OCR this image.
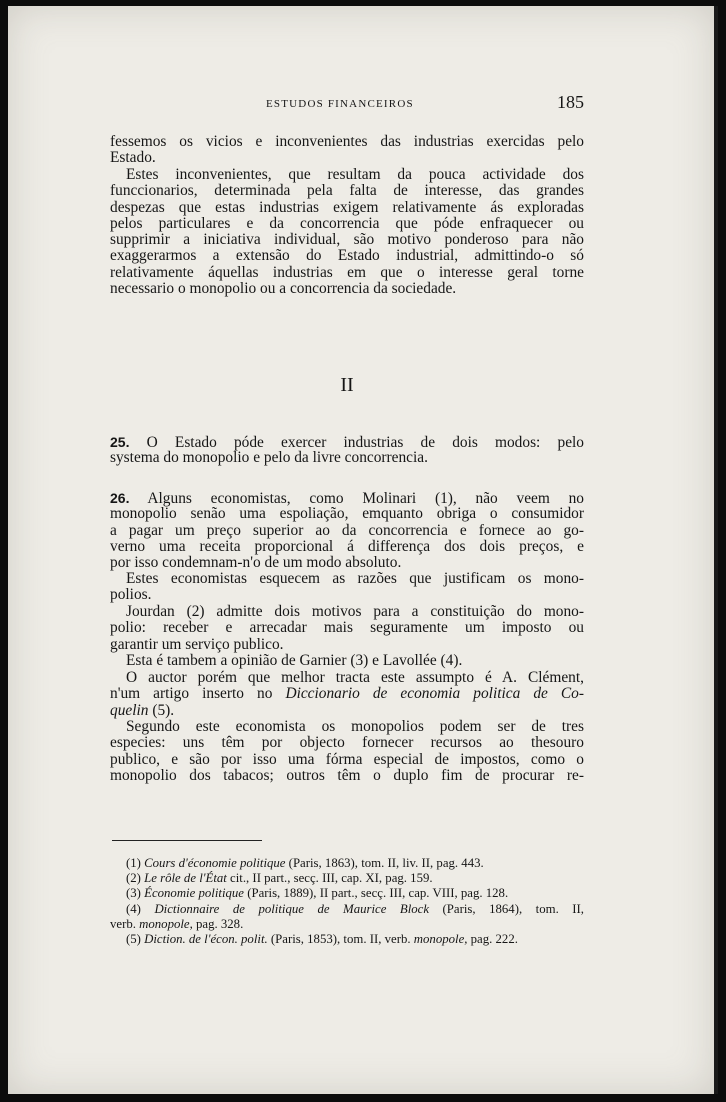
ESTUDOS FINANCEIROS	185
fessemos os vicios e inconvenientes das industrias exercidas pelo
Estado.
Estes inconvenientes, que resultam da pouca actividade dos
funccionarios, determinada pela falta de interesse, das grandes
despezas que estas industrias exigem relativamente ás exploradas
pelos particulares e da concorrencia que póde enfraquecer ou
supprimir a iniciativa individual, são motivo ponderoso para não
exaggerarmos a extensão do Estado industrial, admittindo-o só
relativamente áquellas industrias em que o interesse geral torne
necessario o monopolio ou a concorrencia da sociedade.
II
25. O Estado póde exercer industrias de dois modos: pelo
systema do monopolio e pelo da livre concorrencia.
26. Alguns economistas, como Molinari (1), não veem no
monopolio senão uma espoliação, emquanto obriga o consumidor
a pagar um preço superior ao da concorrencia e fornece ao go-
verno uma receita proporcional á differença dos dois preços, e
por isso condemnam-n'o de um modo absoluto.
Estes economistas esquecem as razões que justificam os mono-
polios.
Jourdan (2) admitte dois motivos para a constituição do mono-
polio: receber e arrecadar mais seguramente um imposto ou
garantir um serviço publico.
Esta é tambem a opinião de Garnier (3) e Lavollée (4).
O auctor porém que melhor tracta este assumpto é A. Clément,
n'um artigo inserto no Diccionario de economia politica de Co-
quelin (5).
Segundo este economista os monopolios podem ser de tres
especies: uns têm por objecto fornecer recursos ao thesouro
publico, e são por isso uma fórma especial de impostos, como o
monopolio dos tabacos; outros têm o duplo fim de procurar re-
(1) Cours d'économie politique (Paris, 1863), tom. II, liv. II, pag. 443.
(2) Le rôle de l'État cit., II part., secç. III, cap. XI, pag. 159.
(3) Économie politique (Paris, 1889), II part., secç. III, cap. VIII, pag. 128.
(4) Dictionnaire de politique de Maurice Block (Paris, 1864), tom. II,
verb. monopole, pag. 328.
(5) Diction. de l'écon. polit. (Paris, 1853), tom. II, verb. monopole, pag. 222.
